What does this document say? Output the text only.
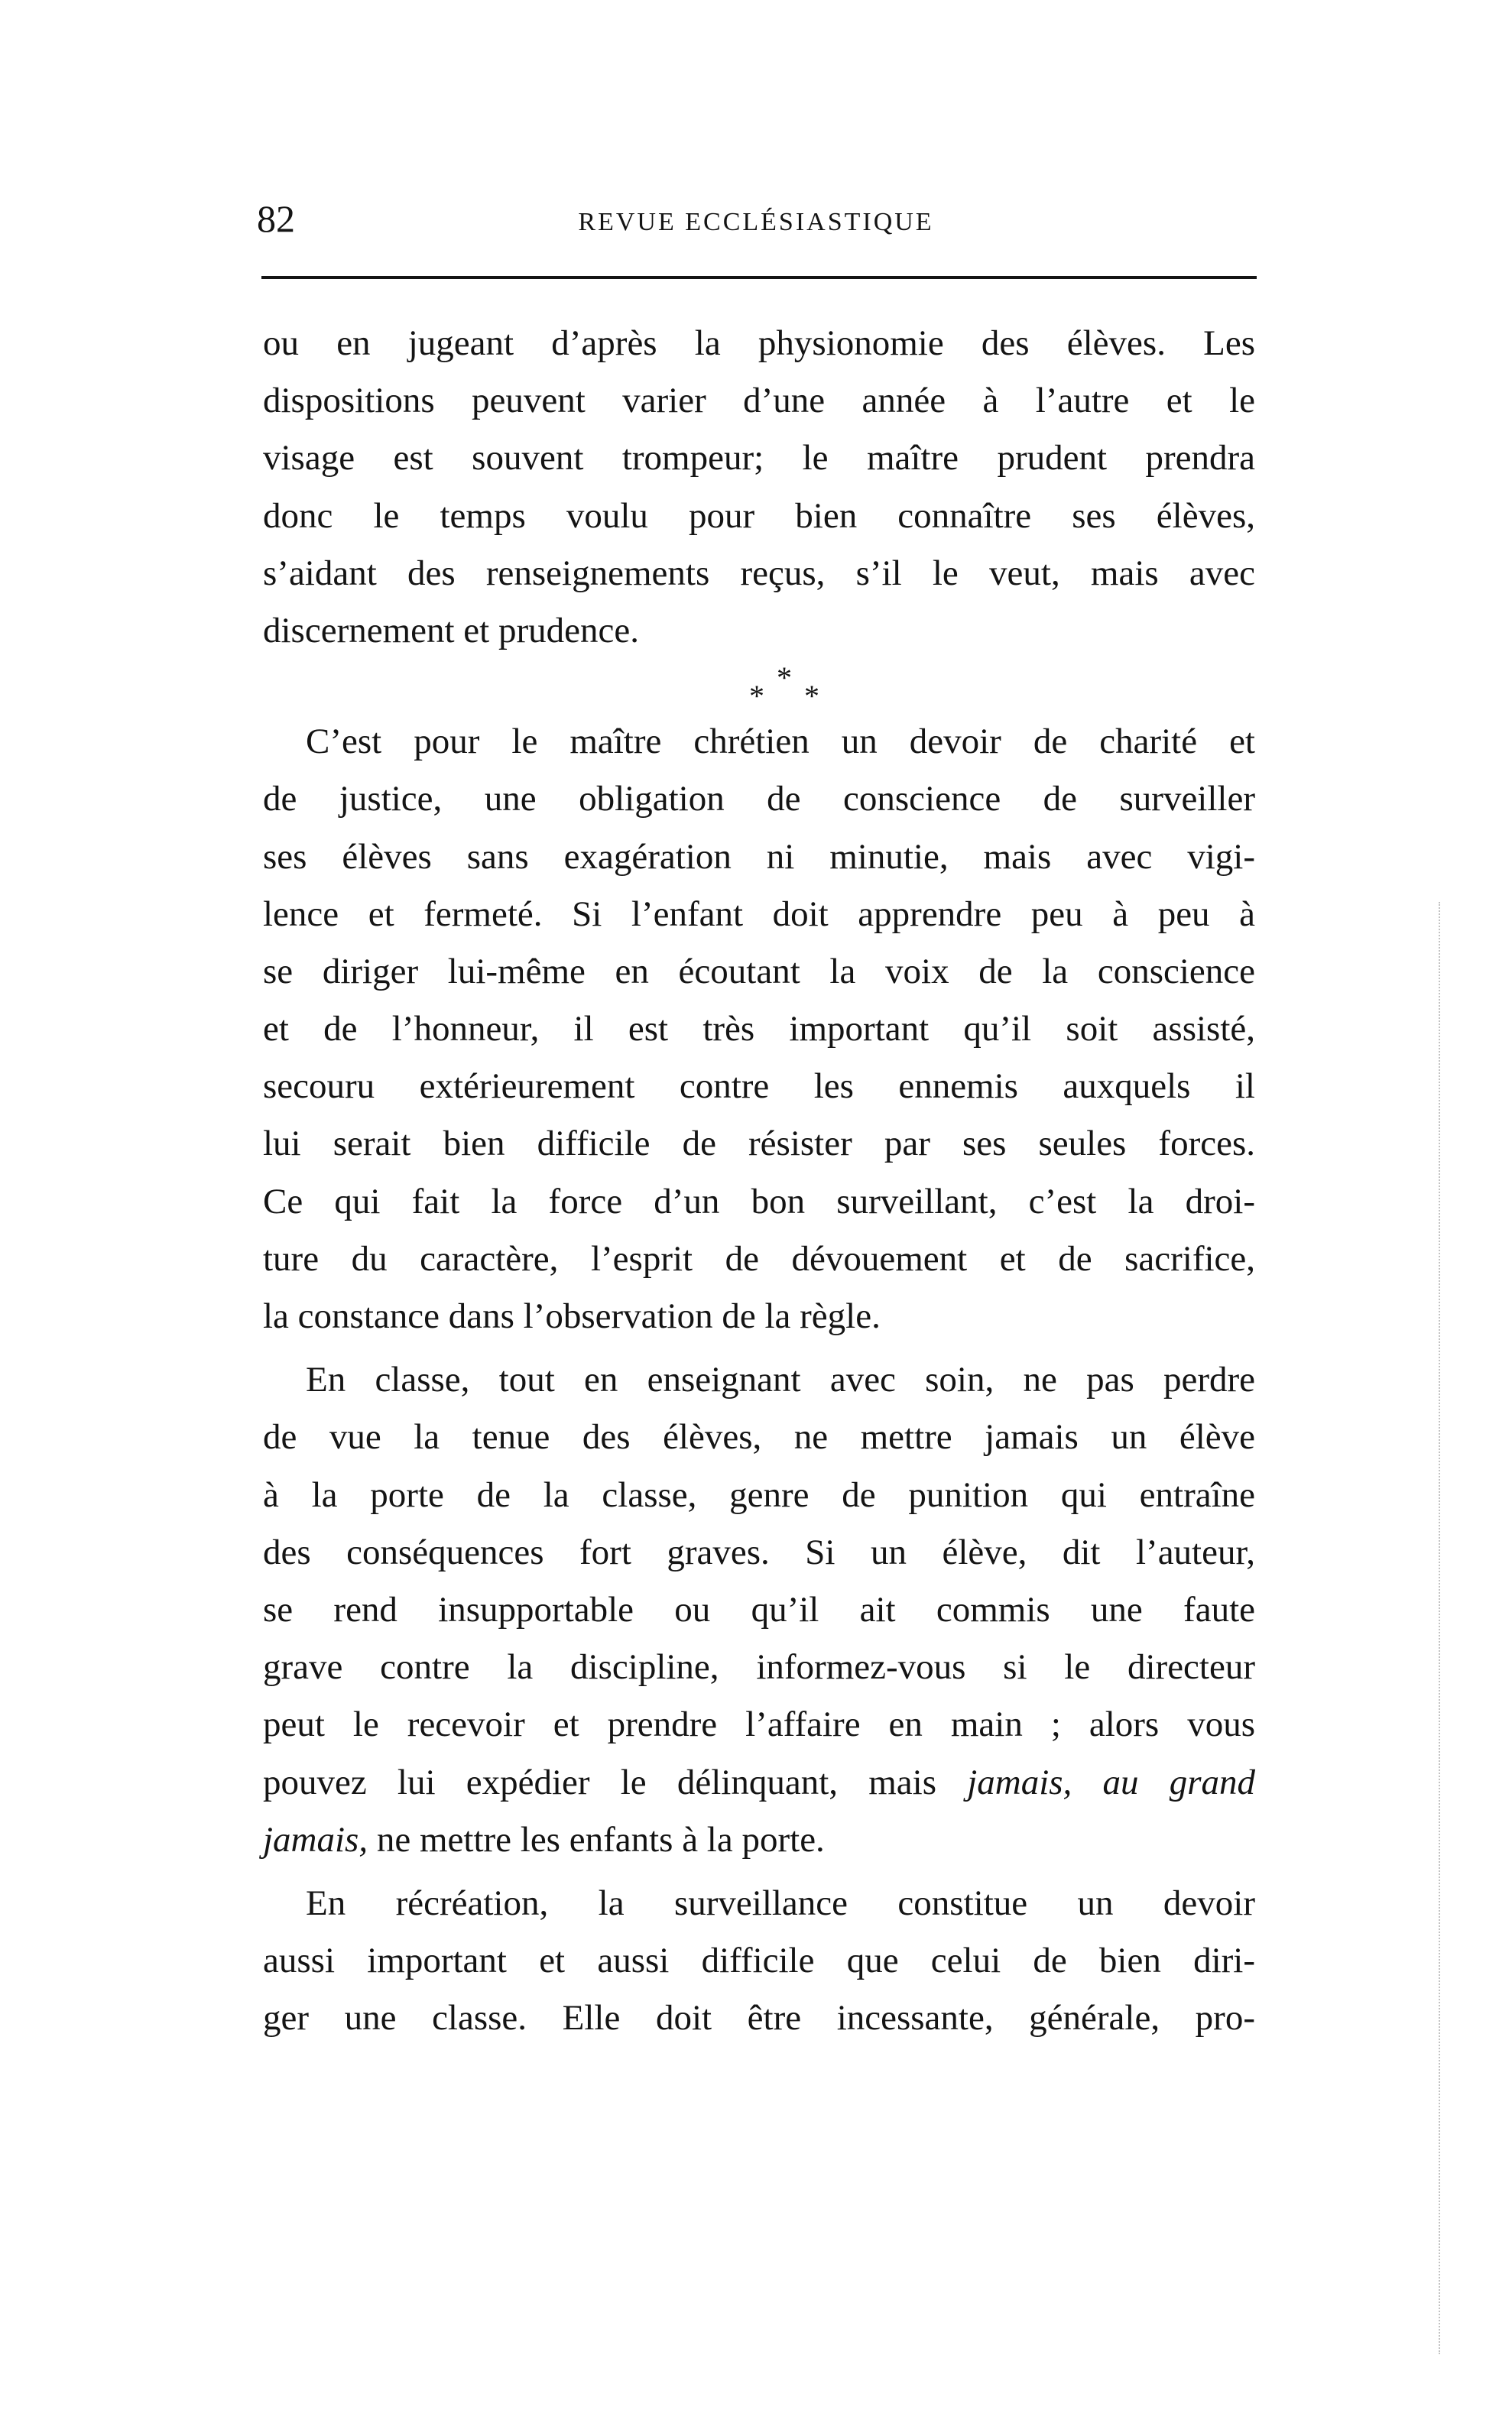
82	REVUE ECCLÉSIASTIQUE
ou en jugeant d’après la physionomie des élèves. Les
dispositions peuvent varier d’une année à l’autre et le
visage est souvent trompeur; le maître prudent prendra
donc le temps voulu pour bien connaître ses élèves,
s’aidant des renseignements reçus, s’il le veut, mais avec
discernement et prudence.
*
* *
C’est pour le maître chrétien un devoir de charité et
de justice, une obligation de conscience de surveiller
ses élèves sans exagération ni minutie, mais avec vigi-
lence et fermeté. Si l’enfant doit apprendre peu à peu à
se diriger lui-même en écoutant la voix de la conscience
et de l’honneur, il est très important qu’il soit assisté,
secouru extérieurement contre les ennemis auxquels il
lui serait bien difficile de résister par ses seules forces.
Ce qui fait la force d’un bon surveillant, c’est la droi-
ture du caractère, l’esprit de dévouement et de sacrifice,
la constance dans l’observation de la règle.
En classe, tout en enseignant avec soin, ne pas perdre
de vue la tenue des élèves, ne mettre jamais un élève
à la porte de la classe, genre de punition qui entraîne
des conséquences fort graves. Si un élève, dit l’auteur,
se rend insupportable ou qu’il ait commis une faute
grave contre la discipline, informez-vous si le directeur
peut le recevoir et prendre l’affaire en main ; alors vous
pouvez lui expédier le délinquant, mais jamais, au grand
jamais, ne mettre les enfants à la porte.
En récréation, la surveillance constitue un devoir
aussi important et aussi difficile que celui de bien diri-
ger une classe. Elle doit être incessante, générale, pro-
